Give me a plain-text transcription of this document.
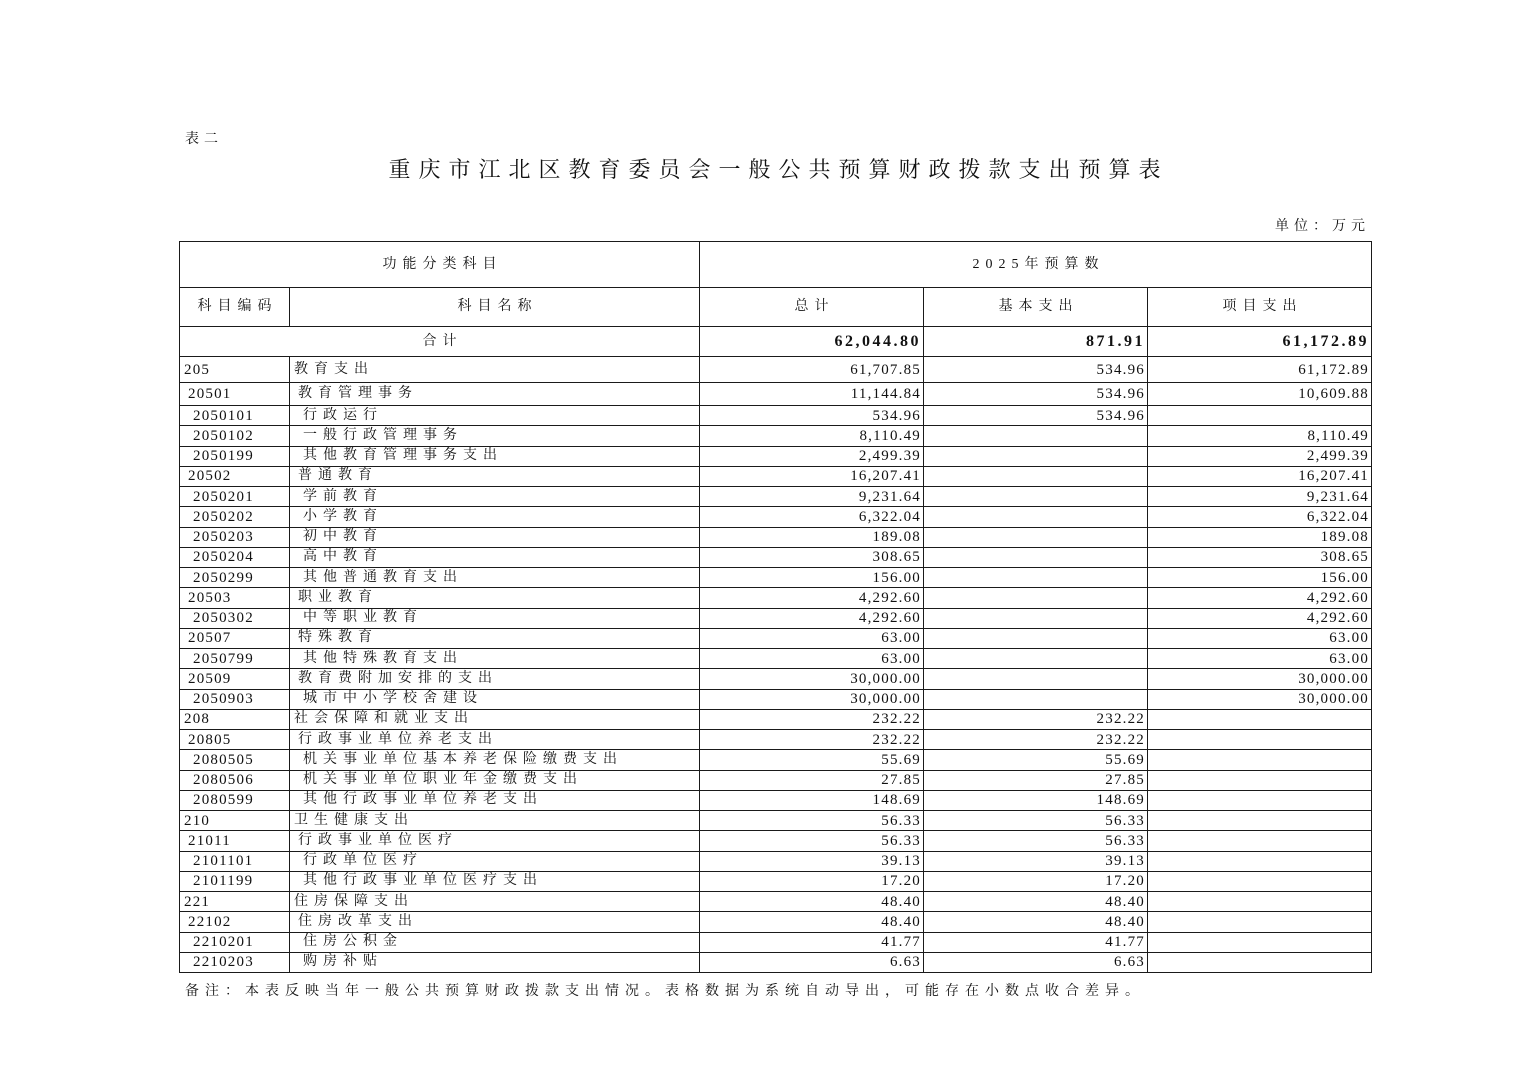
表二
重庆市江北区教育委员会一般公共预算财政拨款支出预算表
单位：万元
功能分类科目		2025年预算数		
科目编码	科目名称	总计	基本支出	项目支出
合计		62,044.80	871.91	61,172.89
205	教育支出	61,707.85	534.96	61,172.89
20501	教育管理事务	11,144.84	534.96	10,609.88
2050101	行政运行	534.96	534.96	
2050102	一般行政管理事务	8,110.49		8,110.49
2050199	其他教育管理事务支出	2,499.39		2,499.39
20502	普通教育	16,207.41		16,207.41
2050201	学前教育	9,231.64		9,231.64
2050202	小学教育	6,322.04		6,322.04
2050203	初中教育	189.08		189.08
2050204	高中教育	308.65		308.65
2050299	其他普通教育支出	156.00		156.00
20503	职业教育	4,292.60		4,292.60
2050302	中等职业教育	4,292.60		4,292.60
20507	特殊教育	63.00		63.00
2050799	其他特殊教育支出	63.00		63.00
20509	教育费附加安排的支出	30,000.00		30,000.00
2050903	城市中小学校舍建设	30,000.00		30,000.00
208	社会保障和就业支出	232.22	232.22	
20805	行政事业单位养老支出	232.22	232.22	
2080505	机关事业单位基本养老保险缴费支出	55.69	55.69	
2080506	机关事业单位职业年金缴费支出	27.85	27.85	
2080599	其他行政事业单位养老支出	148.69	148.69	
210	卫生健康支出	56.33	56.33	
21011	行政事业单位医疗	56.33	56.33	
2101101	行政单位医疗	39.13	39.13	
2101199	其他行政事业单位医疗支出	17.20	17.20	
221	住房保障支出	48.40	48.40	
22102	住房改革支出	48.40	48.40	
2210201	住房公积金	41.77	41.77	
2210203	购房补贴	6.63	6.63	
备注：本表反映当年一般公共预算财政拨款支出情况。表格数据为系统自动导出，可能存在小数点收合差异。
